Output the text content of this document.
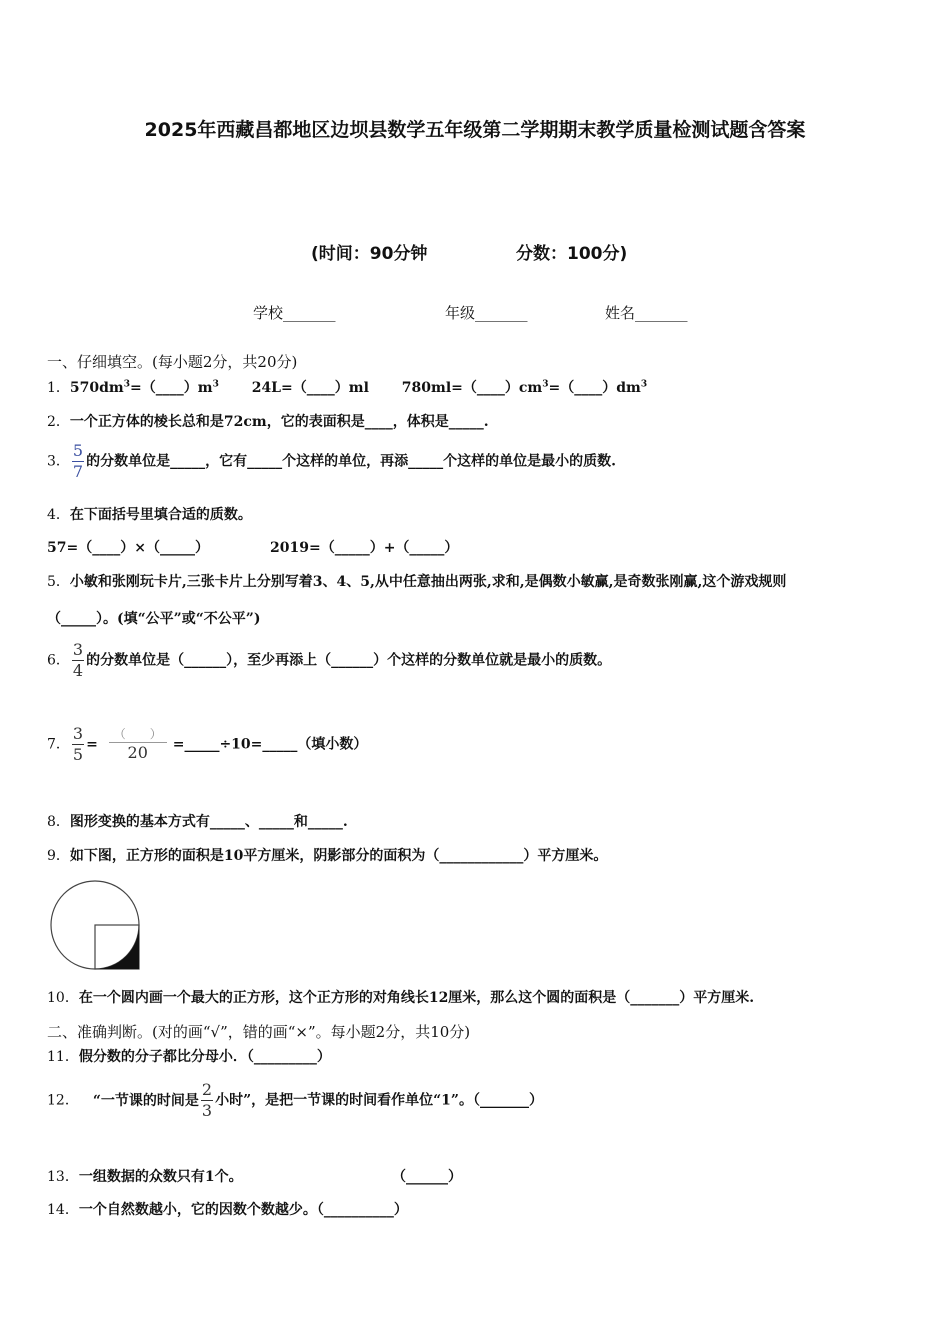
2025年西藏昌都地区边坝县数学五年级第二学期期末教学质量检测试题含答案
(时间：90分钟	分数：100分)
学校_______	年级_______	姓名_______
一、仔细填空。(每小题2分，共20分)
1．$570dm^3=(\_\_\_\_)m^3$ 24L=（____）ml $780ml=(\_\_\_\_)cm^3=(\_\_\_\_)dm^3$
2．一个正方体的棱长总和是72cm，它的表面积是____，体积是_____.
3． $\frac{5}{7}$ 的分数单位是_____，它有_____个这样的单位，再添_____个这样的单位是最小的质数.
4．在下面括号里填合适的质数。
57=（____）×（_____）	2019=（_____）+（_____）
5．小敏和张刚玩卡片,三张卡片上分别写着3、4、5,从中任意抽出两张,求和,是偶数小敏赢,是奇数张刚赢,这个游戏规则
（_____）。(填“公平”或“不公平”)
6． $\frac{3}{4}$ 的分数单位是（______），至少再添上（______）个这样的分数单位就是最小的质数。
7． $\frac{3}{5} = \frac{( )}{20}$ =_____÷10=_____（填小数）
8．图形变换的基本方式有_____、_____和_____.
9．如下图，正方形的面积是10平方厘米，阴影部分的面积为（____________）平方厘米。
10．在一个圆内画一个最大的正方形，这个正方形的对角线长12厘米，那么这个圆的面积是（_______）平方厘米.
二、准确判断。(对的画“√”，错的画“×”。每小题2分，共10分)
11．假分数的分子都比分母小．（_________）
12． “一节课的时间是 $\frac{2}{3}$ 小时”，是把一节课的时间看作单位“1”。（_______）
13．一组数据的众数只有1个。	（______）
14．一个自然数越小，它的因数个数越少。（__________）
